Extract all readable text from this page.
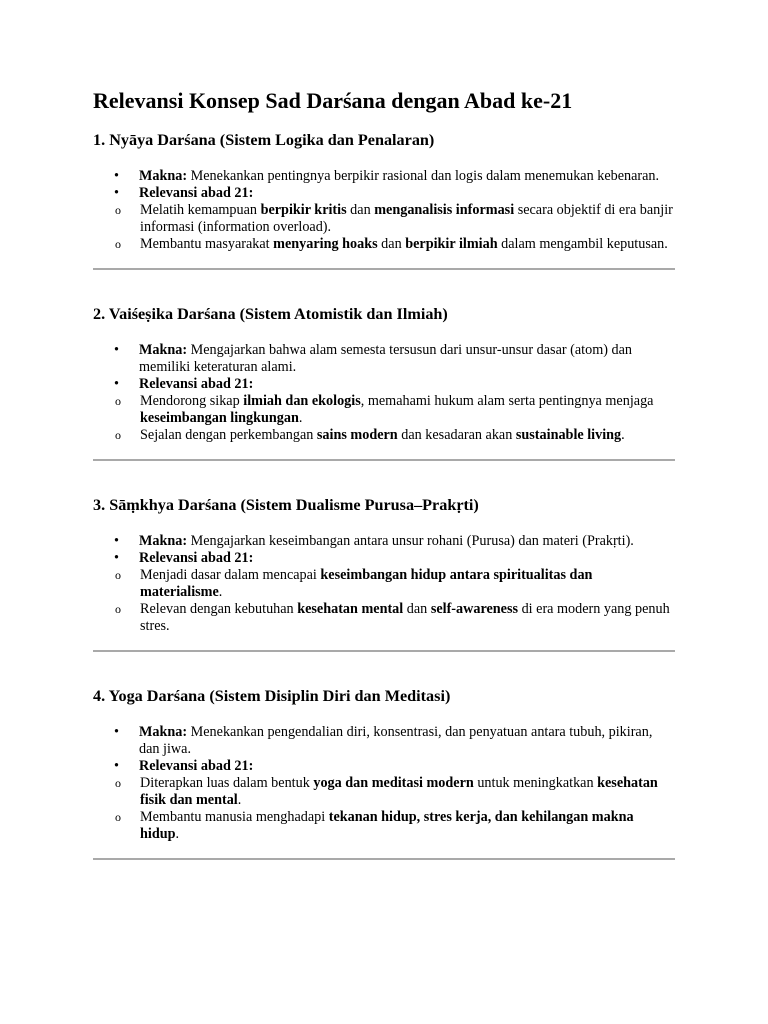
Relevansi Konsep Sad Darśana dengan Abad ke-21
1. Nyāya Darśana (Sistem Logika dan Penalaran)
• Makna: Menekankan pentingnya berpikir rasional dan logis dalam menemukan kebenaran.
• Relevansi abad 21:
o Melatih kemampuan berpikir kritis dan menganalisis informasi secara objektif di era banjir informasi (information overload).
o Membantu masyarakat menyaring hoaks dan berpikir ilmiah dalam mengambil keputusan.
2. Vaiśeṣika Darśana (Sistem Atomistik dan Ilmiah)
• Makna: Mengajarkan bahwa alam semesta tersusun dari unsur-unsur dasar (atom) dan memiliki keteraturan alami.
• Relevansi abad 21:
o Mendorong sikap ilmiah dan ekologis, memahami hukum alam serta pentingnya menjaga keseimbangan lingkungan.
o Sejalan dengan perkembangan sains modern dan kesadaran akan sustainable living.
3. Sāṃkhya Darśana (Sistem Dualisme Purusa–Prakṛti)
• Makna: Mengajarkan keseimbangan antara unsur rohani (Purusa) dan materi (Prakṛti).
• Relevansi abad 21:
o Menjadi dasar dalam mencapai keseimbangan hidup antara spiritualitas dan materialisme.
o Relevan dengan kebutuhan kesehatan mental dan self-awareness di era modern yang penuh stres.
4. Yoga Darśana (Sistem Disiplin Diri dan Meditasi)
• Makna: Menekankan pengendalian diri, konsentrasi, dan penyatuan antara tubuh, pikiran, dan jiwa.
• Relevansi abad 21:
o Diterapkan luas dalam bentuk yoga dan meditasi modern untuk meningkatkan kesehatan fisik dan mental.
o Membantu manusia menghadapi tekanan hidup, stres kerja, dan kehilangan makna hidup.
